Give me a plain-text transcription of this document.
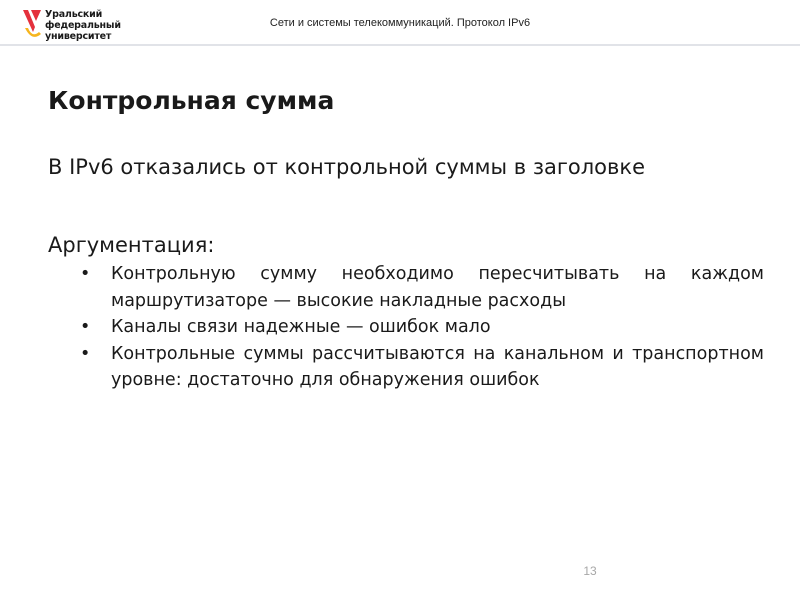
Уральский
федеральный
университет
Сети и системы телекоммуникаций. Протокол IPv6
Контрольная сумма

В IPv6 отказались от контрольной суммы в заголовке

Аргументация:

• Контрольную сумму необходимо пересчитывать на каждом маршрутизаторе — высокие накладные расходы
• Каналы связи надежные — ошибок мало
• Контрольные суммы рассчитываются на канальном и транспортном уровне: достаточно для обнаружения ошибок
13
